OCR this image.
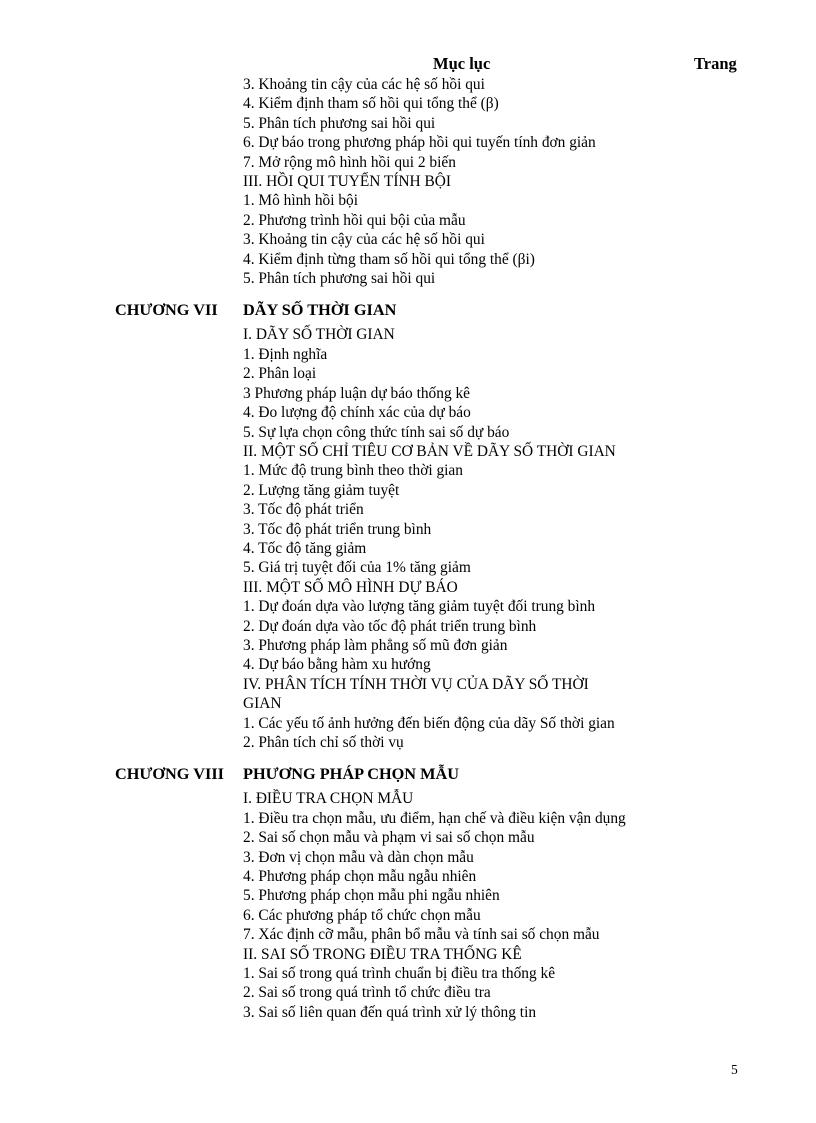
Mục lục	Trang
3. Khoảng tin cậy của các hệ số hồi qui
4. Kiểm định tham số hồi qui tổng thể (β)
5. Phân tích phương sai hồi qui
6. Dự báo trong phương pháp hồi qui tuyến tính đơn giản
7. Mở rộng mô hình hồi qui 2 biến
III. HỒI QUI TUYẾN TÍNH BỘI
1. Mô hình hồi bội
2. Phương trình hồi qui bội của mẫu
3. Khoảng tin cậy của các hệ số hồi qui
4. Kiểm định từng tham số hồi qui tổng thể (βi)
5. Phân tích phương sai hồi qui
CHƯƠNG VII DÃY SỐ THỜI GIAN
I. DÃY SỐ THỜI GIAN
1. Định nghĩa
2. Phân loại
3 Phương pháp luận dự báo thống kê
4. Đo lượng độ chính xác của dự báo
5. Sự lựa chọn công thức tính sai số dự báo
II. MỘT SỐ CHỈ TIÊU CƠ BẢN VỀ DÃY SỐ THỜI GIAN
1. Mức độ trung bình theo thời gian
2. Lượng tăng giảm tuyệt
3. Tốc độ phát triển
3. Tốc độ phát triển trung bình
4. Tốc độ tăng giảm
5. Giá trị tuyệt đối của 1% tăng giảm
III. MỘT SỐ MÔ HÌNH DỰ BÁO
1. Dự đoán dựa vào lượng tăng giảm tuyệt đối trung bình
2. Dự đoán dựa vào tốc độ phát triển trung bình
3. Phương pháp làm phẳng số mũ đơn giản
4. Dự báo bằng hàm xu hướng
IV. PHÂN TÍCH TÍNH THỜI VỤ CỦA DÃY SỐ THỜI
GIAN
1. Các yếu tố ảnh hưởng đến biến động của dãy Số thời gian
2. Phân tích chỉ số thời vụ
CHƯƠNG VIII PHƯƠNG PHÁP CHỌN MẪU
I. ĐIỀU TRA CHỌN MẪU
1. Điều tra chọn mẫu, ưu điểm, hạn chế và điều kiện vận dụng
2. Sai số chọn mẫu và phạm vi sai số chọn mẫu
3. Đơn vị chọn mẫu và dàn chọn mẫu
4. Phương pháp chọn mẫu ngẫu nhiên
5. Phương pháp chọn mẫu phi ngẫu nhiên
6. Các phương pháp tổ chức chọn mẫu
7. Xác định cỡ mẫu, phân bổ mẫu và tính sai số chọn mẫu
II. SAI SỐ TRONG ĐIỀU TRA THỐNG KÊ
1. Sai số trong quá trình chuẩn bị điều tra thống kê
2. Sai số trong quá trình tổ chức điều tra
3. Sai số liên quan đến quá trình xử lý thông tin
5
